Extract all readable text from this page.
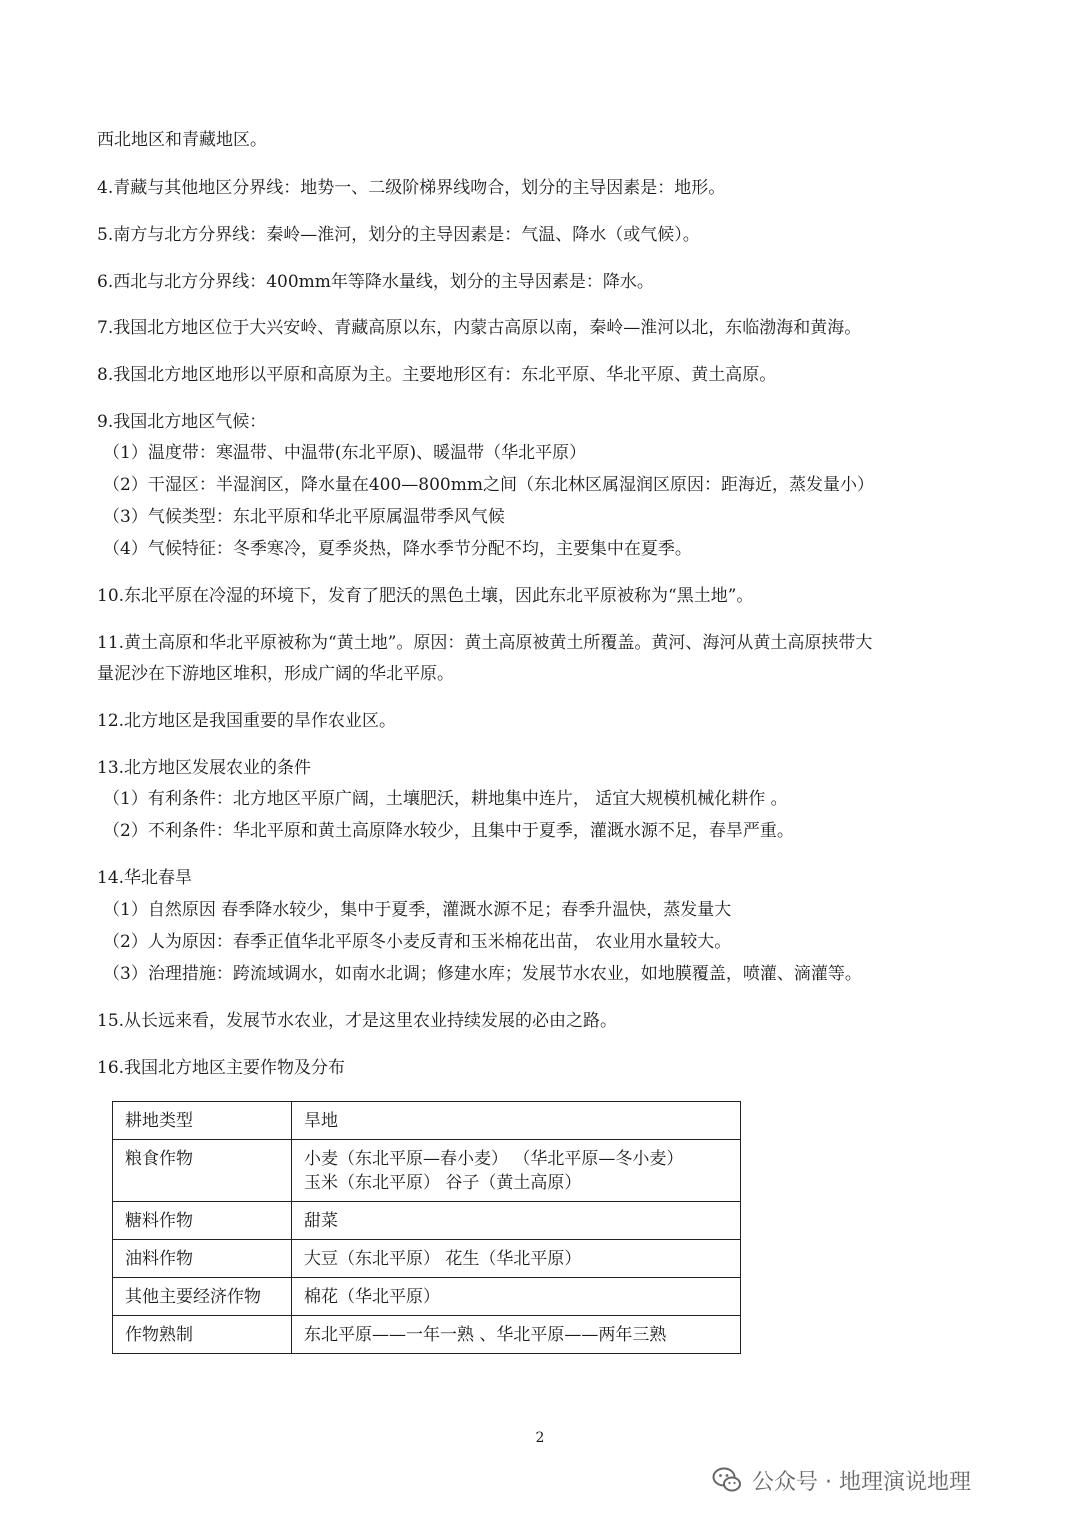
西北地区和青藏地区。
4.青藏与其他地区分界线：地势一、二级阶梯界线吻合，划分的主导因素是：地形。
5.南方与北方分界线：秦岭—淮河，划分的主导因素是：气温、降水（或气候）。
6.西北与北方分界线：400mm年等降水量线，划分的主导因素是：降水。
7.我国北方地区位于大兴安岭、青藏高原以东，内蒙古高原以南，秦岭—淮河以北，东临渤海和黄海。
8.我国北方地区地形以平原和高原为主。主要地形区有：东北平原、华北平原、黄土高原。
9.我国北方地区气候：
（1）温度带：寒温带、中温带(东北平原)、暖温带（华北平原）
（2）干湿区：半湿润区，降水量在400—800mm之间（东北林区属湿润区原因：距海近，蒸发量小）
（3）气候类型：东北平原和华北平原属温带季风气候
（4）气候特征：冬季寒冷，夏季炎热，降水季节分配不均，主要集中在夏季。
10.东北平原在冷湿的环境下，发育了肥沃的黑色土壤，因此东北平原被称为“黑土地”。
11.黄土高原和华北平原被称为“黄土地”。原因：黄土高原被黄土所覆盖。黄河、海河从黄土高原挟带大
量泥沙在下游地区堆积，形成广阔的华北平原。
12.北方地区是我国重要的旱作农业区。
13.北方地区发展农业的条件
（1）有利条件：北方地区平原广阔，土壤肥沃，耕地集中连片， 适宜大规模机械化耕作 。
（2）不利条件：华北平原和黄土高原降水较少，且集中于夏季，灌溉水源不足，春旱严重。
14.华北春旱
（1）自然原因 春季降水较少，集中于夏季，灌溉水源不足；春季升温快，蒸发量大
（2）人为原因：春季正值华北平原冬小麦反青和玉米棉花出苗， 农业用水量较大。
（3）治理措施：跨流域调水，如南水北调；修建水库；发展节水农业，如地膜覆盖，喷灌、滴灌等。
15.从长远来看，发展节水农业，才是这里农业持续发展的必由之路。
16.我国北方地区主要作物及分布
耕地类型	旱地

粮食作物	小麦（东北平原—春小麦） （华北平原—冬小麦）
玉米（东北平原） 谷子（黄土高原）

糖料作物	甜菜

油料作物	大豆（东北平原） 花生（华北平原）

其他主要经济作物	棉花（华北平原）

作物熟制	东北平原——一年一熟 、华北平原——两年三熟
2
公众号 · 地理演说地理
